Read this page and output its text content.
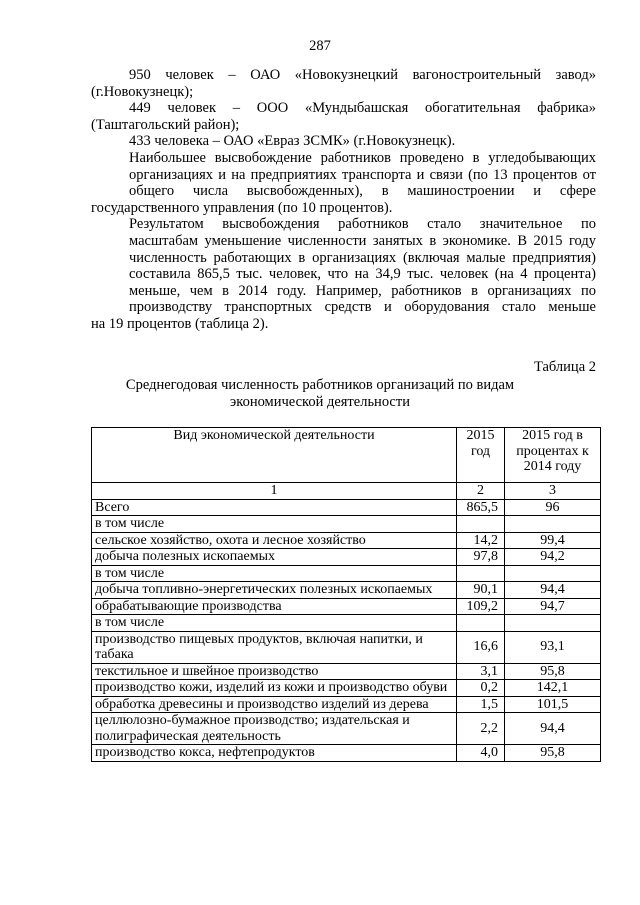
287

950 человек – ОАО «Новокузнецкий вагоностроительный завод»
(г.Новокузнецк);

449 человек – ООО «Мундыбашская обогатительная фабрика»
(Таштагольский район);

433 человека – ОАО «Евраз ЗСМК» (г.Новокузнецк).

Наибольшее высвобождение работников проведено в угледобывающих
организациях и на предприятиях транспорта и связи (по 13 процентов от
общего числа высвобожденных), в машиностроении и сфере
государственного управления (по 10 процентов).

Результатом высвобождения работников стало значительное по
масштабам уменьшение численности занятых в экономике. В 2015 году
численность работающих в организациях (включая малые предприятия)
составила 865,5 тыс. человек, что на 34,9 тыс. человек (на 4 процента)
меньше, чем в 2014 году. Например, работников в организациях по
производству транспортных средств и оборудования стало меньше
на 19 процентов (таблица 2).

Таблица 2
Среднегодовая численность работников организаций по видам
экономической деятельности
Вид экономической деятельности	2015 год	2015 год в процентах к 2014 году
1	2	3
Всего	865,5	96
в том числе		
сельское хозяйство, охота и лесное хозяйство	14,2	99,4
добыча полезных ископаемых	97,8	94,2
в том числе		
добыча топливно-энергетических полезных ископаемых	90,1	94,4
обрабатывающие производства	109,2	94,7
в том числе		
производство пищевых продуктов, включая напитки, и табака	16,6	93,1
текстильное и швейное производство	3,1	95,8
производство кожи, изделий из кожи и производство обуви	0,2	142,1
обработка древесины и производство изделий из дерева	1,5	101,5
целлюлозно-бумажное производство; издательская и полиграфическая деятельность	2,2	94,4
производство кокса, нефтепродуктов	4,0	95,8
